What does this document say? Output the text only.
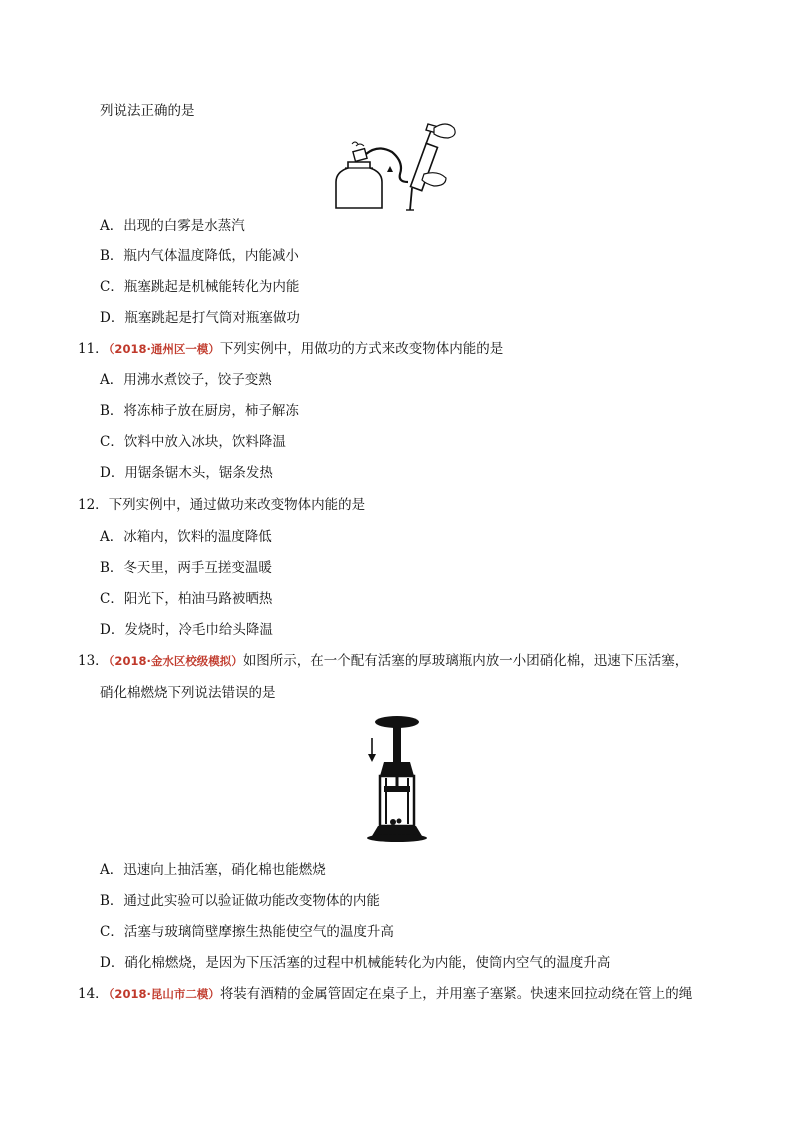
列说法正确的是
A．出现的白雾是水蒸汽
B．瓶内气体温度降低，内能减小
C．瓶塞跳起是机械能转化为内能
D．瓶塞跳起是打气筒对瓶塞做功
11．（2018·通州区一模）下列实例中，用做功的方式来改变物体内能的是
A．用沸水煮饺子，饺子变熟
B．将冻柿子放在厨房，柿子解冻
C．饮料中放入冰块，饮料降温
D．用锯条锯木头，锯条发热
12．下列实例中，通过做功来改变物体内能的是
A．冰箱内，饮料的温度降低
B．冬天里，两手互搓变温暖
C．阳光下，柏油马路被晒热
D．发烧时，冷毛巾给头降温
13．（2018·金水区校级模拟）如图所示，在一个配有活塞的厚玻璃瓶内放一小团硝化棉，迅速下压活塞，
硝化棉燃烧下列说法错误的是
A．迅速向上抽活塞，硝化棉也能燃烧
B．通过此实验可以验证做功能改变物体的内能
C．活塞与玻璃筒壁摩擦生热能使空气的温度升高
D．硝化棉燃烧，是因为下压活塞的过程中机械能转化为内能，使筒内空气的温度升高
14．（2018·昆山市二模）将装有酒精的金属管固定在桌子上，并用塞子塞紧。快速来回拉动绕在管上的绳
